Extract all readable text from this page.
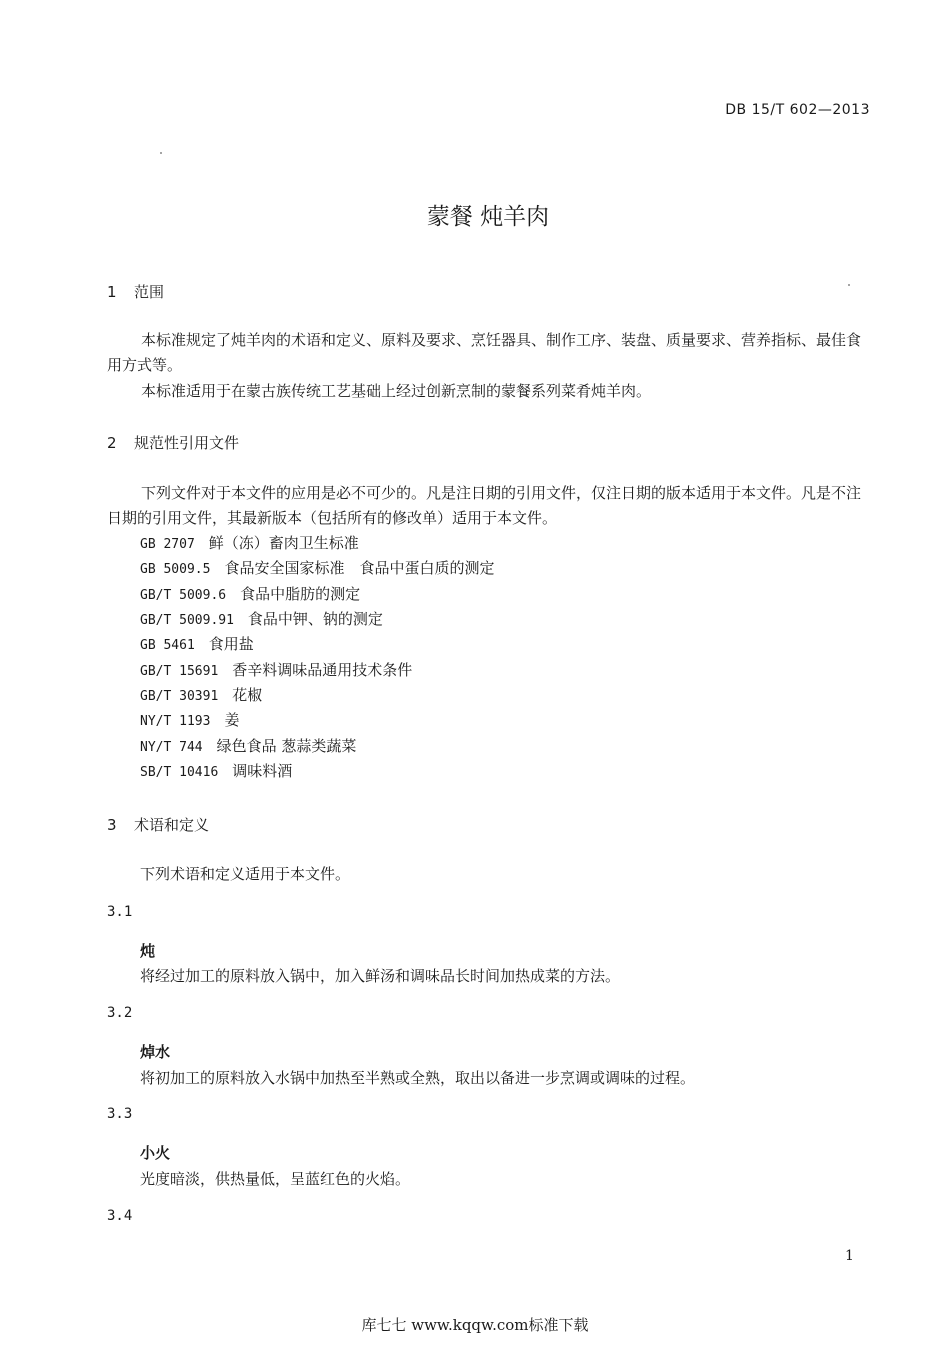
DB 15/T 602—2013
蒙餐 炖羊肉
1 范围
本标准规定了炖羊肉的术语和定义、原料及要求、烹饪器具、制作工序、装盘、质量要求、营养指标、最佳食用方式等。
本标准适用于在蒙古族传统工艺基础上经过创新烹制的蒙餐系列菜肴炖羊肉。
2 规范性引用文件
下列文件对于本文件的应用是必不可少的。凡是注日期的引用文件，仅注日期的版本适用于本文件。凡是不注日期的引用文件，其最新版本（包括所有的修改单）适用于本文件。
GB 2707 鲜（冻）畜肉卫生标准
GB 5009.5 食品安全国家标准　食品中蛋白质的测定
GB/T 5009.6 食品中脂肪的测定
GB/T 5009.91 食品中钾、钠的测定
GB 5461 食用盐
GB/T 15691 香辛料调味品通用技术条件
GB/T 30391 花椒
NY/T 1193 姜
NY/T 744 绿色食品 葱蒜类蔬菜
SB/T 10416 调味料酒
3 术语和定义
下列术语和定义适用于本文件。
3.1
炖
将经过加工的原料放入锅中，加入鲜汤和调味品长时间加热成菜的方法。
3.2
焯水
将初加工的原料放入水锅中加热至半熟或全熟，取出以备进一步烹调或调味的过程。
3.3
小火
光度暗淡，供热量低，呈蓝红色的火焰。
3.4
1
库七七 www.kqqw.com标准下载
